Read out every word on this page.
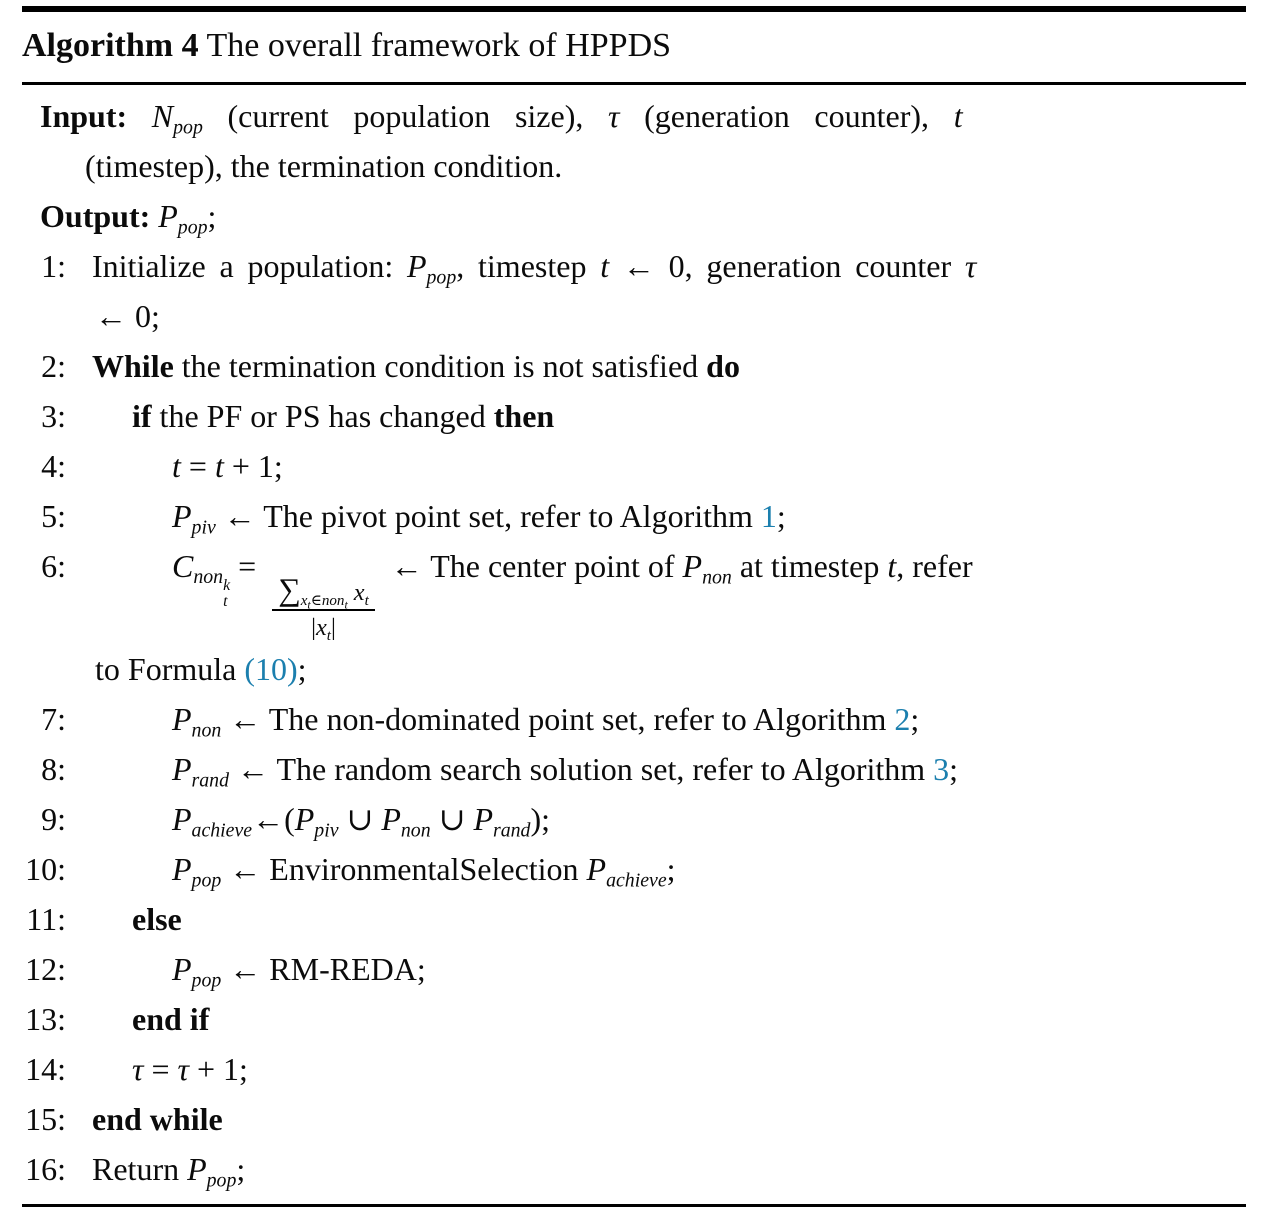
Algorithm 4 The overall framework of HPPDS
Input: $N_{pop}$ (current population size), τ (generation counter), t
(timestep), the termination condition.
Output: $P_{pop}$;
1: Initialize a population: $P_{pop}$, timestep t ← 0, generation counter τ
← 0;
2: While the termination condition is not satisfied do
3: if the PF or PS has changed then
4:	t = t + 1;
5:	$P_{piv}$ ← The pivot point set, refer to Algorithm 1;
6:	$C_{non k t}$
=
$\frac{\sum_{x_t\in non_t} x_t}{|x_t|}$
← The center point of $P_{non}$ at timestep t, refer
to Formula (10);
7:	$P_{non}$ ← The non-dominated point set, refer to Algorithm 2;
8:	$P_{rand}$ ← The random search solution set, refer to Algorithm 3;
9:	$P_{achieve}\leftarrow(P_{piv}$ ∪ $P_{non}$ ∪ $P_{rand}$);
10:	$P_{pop}$ ← EnvironmentalSelection $P_{achieve}$;
11: else
12:	$P_{pop}$ ← RM-REDA;
13: end if
14: τ = τ + 1;
15: end while
16: Return $P_{pop}$;
